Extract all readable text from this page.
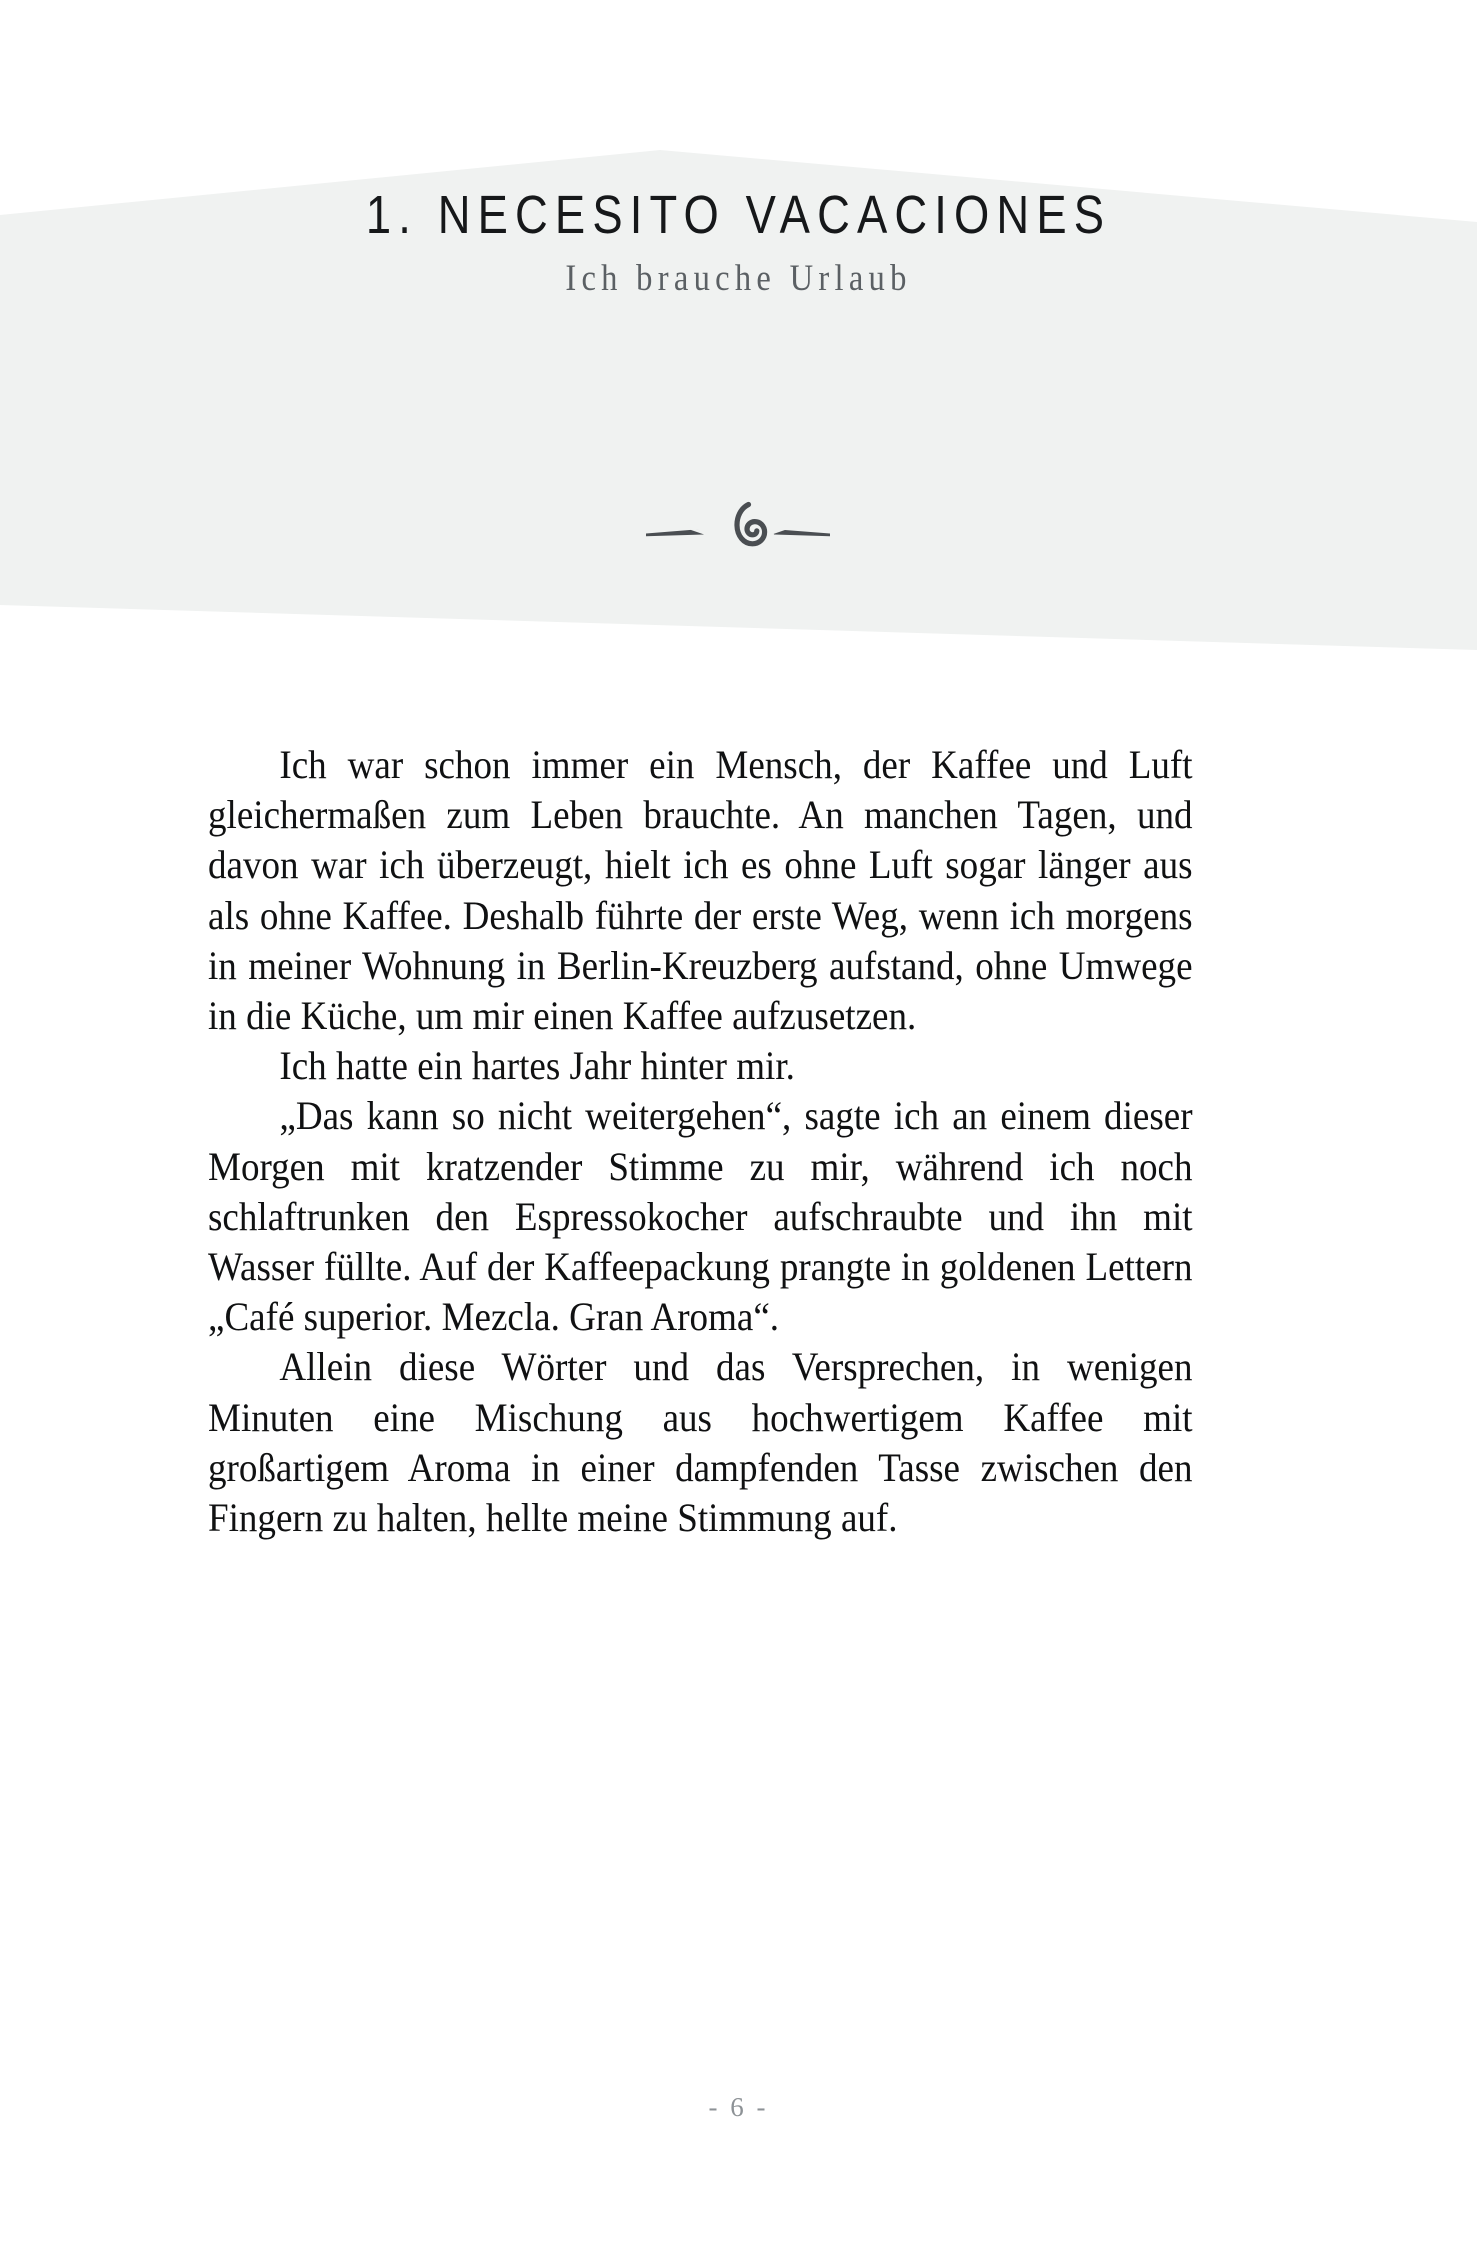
1. NECESITO VACACIONES
Ich brauche Urlaub

Ich war schon immer ein Mensch, der Kaffee und Luft gleichermaßen zum Leben brauchte. An manchen Tagen, und davon war ich überzeugt, hielt ich es ohne Luft sogar länger aus als ohne Kaffee. Deshalb führte der erste Weg, wenn ich morgens in meiner Wohnung in Berlin-Kreuzberg aufstand, ohne Umwege in die Küche, um mir einen Kaffee aufzusetzen.

Ich hatte ein hartes Jahr hinter mir.

„Das kann so nicht weitergehen“, sagte ich an einem dieser Morgen mit kratzender Stimme zu mir, während ich noch schlaftrunken den Espressokocher aufschraubte und ihn mit Wasser füllte. Auf der Kaffeepackung prangte in goldenen Lettern „Café superior. Mezcla. Gran Aroma“.

Allein diese Wörter und das Versprechen, in wenigen Minuten eine Mischung aus hochwertigem Kaffee mit großartigem Aroma in einer dampfenden Tasse zwischen den Fingern zu halten, hellte meine Stimmung auf.

- 6 -
